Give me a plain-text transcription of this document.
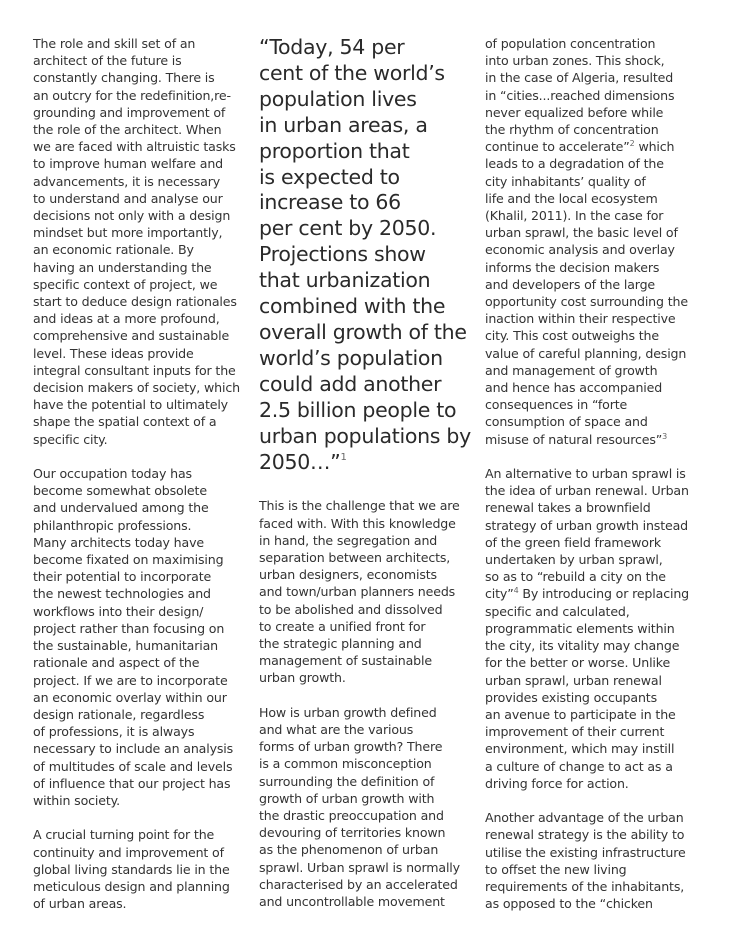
The role and skill set of an
architect of the future is
constantly changing. There is
an outcry for the redefinition,re-
grounding and improvement of
the role of the architect. When
we are faced with altruistic tasks
to improve human welfare and
advancements, it is necessary
to understand and analyse our
decisions not only with a design
mindset but more importantly,
an economic rationale. By
having an understanding the
specific context of project, we
start to deduce design rationales
and ideas at a more profound,
comprehensive and sustainable
level. These ideas provide
integral consultant inputs for the
decision makers of society, which
have the potential to ultimately
shape the spatial context of a
specific city.

Our occupation today has
become somewhat obsolete
and undervalued among the
philanthropic professions.
Many architects today have
become fixated on maximising
their potential to incorporate
the newest technologies and
workflows into their design/
project rather than focusing on
the sustainable, humanitarian
rationale and aspect of the
project. If we are to incorporate
an economic overlay within our
design rationale, regardless
of professions, it is always
necessary to include an analysis
of multitudes of scale and levels
of influence that our project has
within society.

A crucial turning point for the
continuity and improvement of
global living standards lie in the
meticulous design and planning
of urban areas.

“Today, 54 per
cent of the world’s
population lives
in urban areas, a
proportion that
is expected to
increase to 66
per cent by 2050.
Projections show
that urbanization
combined with the
overall growth of the
world’s population
could add another
2.5 billion people to
urban populations by
2050…”$^1$

This is the challenge that we are
faced with. With this knowledge
in hand, the segregation and
separation between architects,
urban designers, economists
and town/urban planners needs
to be abolished and dissolved
to create a unified front for
the strategic planning and
management of sustainable
urban growth.

How is urban growth defined
and what are the various
forms of urban growth? There
is a common misconception
surrounding the definition of
growth of urban growth with
the drastic preoccupation and
devouring of territories known
as the phenomenon of urban
sprawl. Urban sprawl is normally
characterised by an accelerated
and uncontrollable movement

of population concentration
into urban zones. This shock,
in the case of Algeria, resulted
in “cities...reached dimensions
never equalized before while
the rhythm of concentration
continue to accelerate”$^2$ which
leads to a degradation of the
city inhabitants’ quality of
life and the local ecosystem
(Khalil, 2011). In the case for
urban sprawl, the basic level of
economic analysis and overlay
informs the decision makers
and developers of the large
opportunity cost surrounding the
inaction within their respective
city. This cost outweighs the
value of careful planning, design
and management of growth
and hence has accompanied
consequences in “forte
consumption of space and
misuse of natural resources”$^3$

An alternative to urban sprawl is
the idea of urban renewal. Urban
renewal takes a brownfield
strategy of urban growth instead
of the green field framework
undertaken by urban sprawl,
so as to “rebuild a city on the
city”$^4$ By introducing or replacing
specific and calculated,
programmatic elements within
the city, its vitality may change
for the better or worse. Unlike
urban sprawl, urban renewal
provides existing occupants
an avenue to participate in the
improvement of their current
environment, which may instill
a culture of change to act as a
driving force for action.

Another advantage of the urban
renewal strategy is the ability to
utilise the existing infrastructure
to offset the new living
requirements of the inhabitants,
as opposed to the “chicken
